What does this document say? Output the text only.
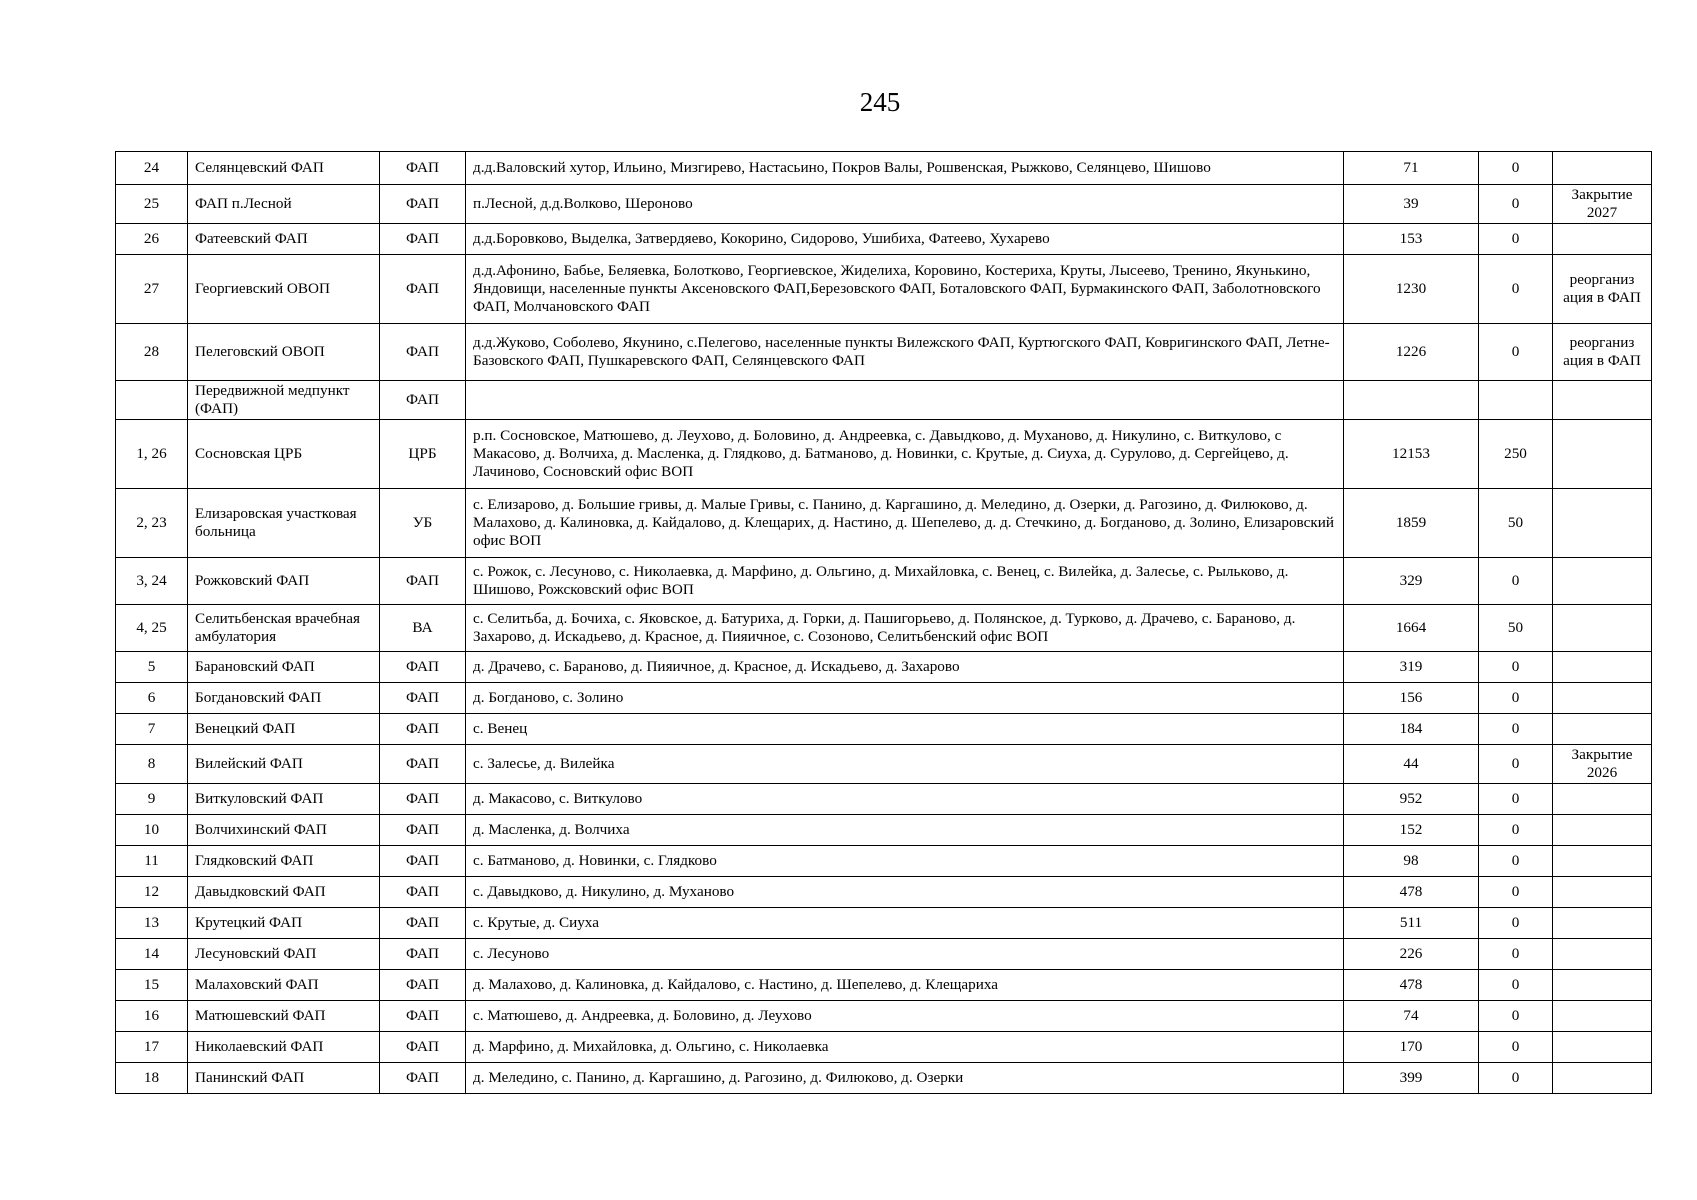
245
24	Селянцевский ФАП	ФАП	д.д.Валовский хутор, Ильино, Мизгирево, Настасьино, Покров Валы, Рошвенская, Рыжково, Селянцево, Шишово	71	0	
25	ФАП п.Лесной	ФАП	п.Лесной, д.д.Волково, Шероново	39	0	Закрытие 2027
26	Фатеевский ФАП	ФАП	д.д.Боровково, Выделка, Затвердяево, Кокорино, Сидорово, Ушибиха, Фатеево, Хухарево	153	0	
27	Георгиевский ОВОП	ФАП	д.д.Афонино, Бабье, Беляевка, Болотково, Георгиевское, Жиделиха, Коровино, Костериха, Круты, Лысеево, Тренино, Якунькино, Яндовищи, населенные пункты Аксеновского ФАП,Березовского ФАП, Боталовского ФАП, Бурмакинского ФАП, Заболотновского ФАП, Молчановского ФАП	1230	0	реорганиз ация в ФАП
28	Пелеговский ОВОП	ФАП	д.д.Жуково, Соболево, Якунино, с.Пелегово, населенные пункты Вилежского ФАП, Куртюгского ФАП, Ковригинского ФАП, Летне-Базовского ФАП, Пушкаревского ФАП, Селянцевского ФАП	1226	0	реорганиз ация в ФАП
	Передвижной медпункт (ФАП)	ФАП				
1, 26	Сосновская ЦРБ	ЦРБ	р.п. Сосновское, Матюшево, д. Леухово, д. Боловино, д. Андреевка, с. Давыдково, д. Муханово, д. Никулино, с. Виткулово, с Макасово, д. Волчиха, д. Масленка, д. Глядково, д. Батманово, д. Новинки, с. Крутые, д. Сиуха, д. Сурулово, д. Сергейцево, д. Лачиново, Сосновский офис ВОП	12153	250	
2, 23	Елизаровская участковая больница	УБ	с. Елизарово, д. Большие гривы, д. Малые Гривы, с. Панино, д. Каргашино, д. Меледино, д. Озерки, д. Рагозино, д. Филюково, д. Малахово, д. Калиновка, д. Кайдалово, д. Клещарих, д. Настино, д. Шепелево, д. д. Стечкино, д. Богданово, д. Золино, Елизаровский офис ВОП	1859	50	
3, 24	Рожковский ФАП	ФАП	с. Рожок, с. Лесуново, с. Николаевка, д. Марфино, д. Ольгино, д. Михайловка, с. Венец, с. Вилейка, д. Залесье, с. Рыльково, д. Шишово, Рожсковский офис ВОП	329	0	
4, 25	Селитьбенская врачебная амбулатория	ВА	с. Селитьба, д. Бочиха, с. Яковское, д. Батуриха, д. Горки, д. Пашигорьево, д. Полянское, д. Турково, д. Драчево, с. Бараново, д. Захарово, д. Искадьево, д. Красное, д. Пияичное, с. Созоново, Селитьбенский офис ВОП	1664	50	
5	Барановский ФАП	ФАП	д. Драчево, с. Бараново, д. Пияичное, д. Красное, д. Искадьево, д. Захарово	319	0	
6	Богдановский ФАП	ФАП	д. Богданово, с. Золино	156	0	
7	Венецкий ФАП	ФАП	с. Венец	184	0	
8	Вилейский ФАП	ФАП	с. Залесье, д. Вилейка	44	0	Закрытие 2026
9	Виткуловский ФАП	ФАП	д. Макасово, с. Виткулово	952	0	
10	Волчихинский ФАП	ФАП	д. Масленка, д. Волчиха	152	0	
11	Глядковский ФАП	ФАП	с. Батманово, д. Новинки, с. Глядково	98	0	
12	Давыдковский ФАП	ФАП	с. Давыдково, д. Никулино, д. Муханово	478	0	
13	Крутецкий ФАП	ФАП	с. Крутые, д. Сиуха	511	0	
14	Лесуновский ФАП	ФАП	с. Лесуново	226	0	
15	Малаховский ФАП	ФАП	д. Малахово, д. Калиновка, д. Кайдалово, с. Настино, д. Шепелево, д. Клещариха	478	0	
16	Матюшевский ФАП	ФАП	с. Матюшево, д. Андреевка, д. Боловино, д. Леухово	74	0	
17	Николаевский ФАП	ФАП	д. Марфино, д. Михайловка, д. Ольгино, с. Николаевка	170	0	
18	Панинский ФАП	ФАП	д. Меледино, с. Панино, д. Каргашино, д. Рагозино, д. Филюково, д. Озерки	399	0	
